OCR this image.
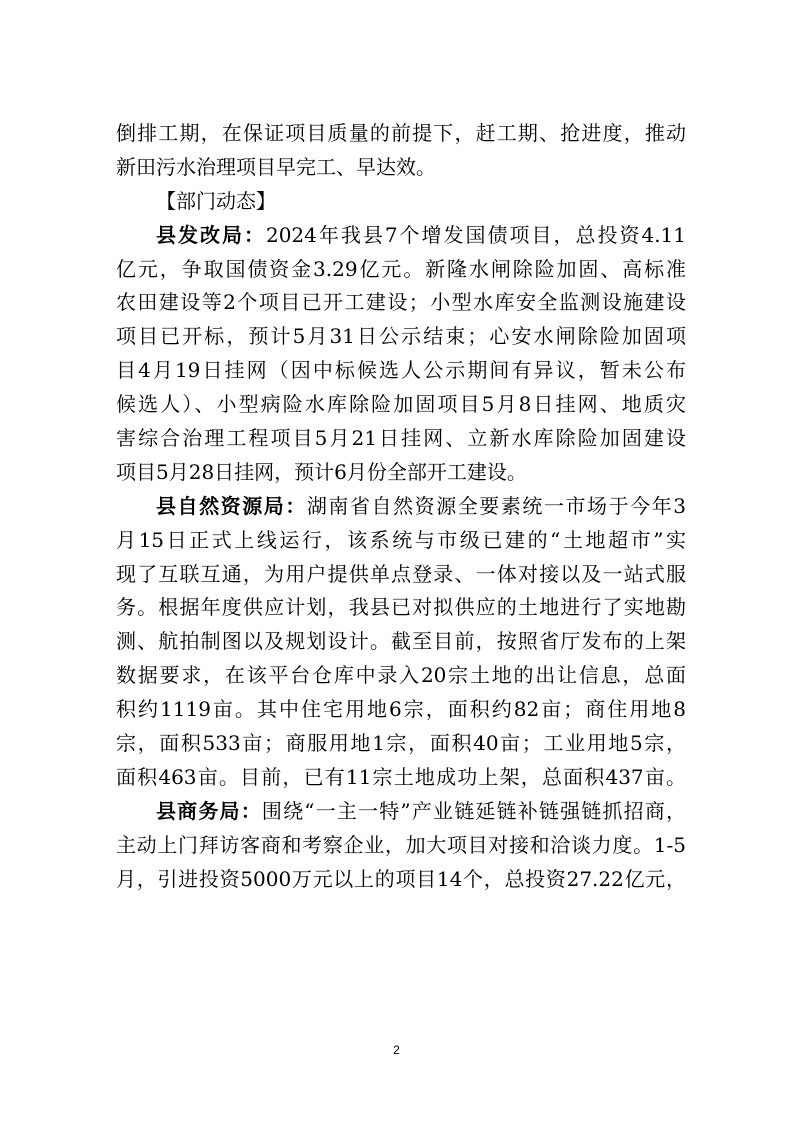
倒排工期，在保证项目质量的前提下，赶工期、抢进度，推动
新田污水治理项目早完工、早达效。
【部门动态】
县发改局：2024年我县7个增发国债项目，总投资4.11
亿元，争取国债资金3.29亿元。新隆水闸除险加固、高标准
农田建设等2个项目已开工建设；小型水库安全监测设施建设
项目已开标，预计5月31日公示结束；心安水闸除险加固项
目4月19日挂网（因中标候选人公示期间有异议，暂未公布
候选人）、小型病险水库除险加固项目5月8日挂网、地质灾
害综合治理工程项目5月21日挂网、立新水库除险加固建设
项目5月28日挂网，预计6月份全部开工建设。
县自然资源局：湖南省自然资源全要素统一市场于今年3
月15日正式上线运行，该系统与市级已建的“土地超市”实
现了互联互通，为用户提供单点登录、一体对接以及一站式服
务。根据年度供应计划，我县已对拟供应的土地进行了实地勘
测、航拍制图以及规划设计。截至目前，按照省厅发布的上架
数据要求，在该平台仓库中录入20宗土地的出让信息，总面
积约1119亩。其中住宅用地6宗，面积约82亩；商住用地8
宗，面积533亩；商服用地1宗，面积40亩；工业用地5宗，
面积463亩。目前，已有11宗土地成功上架，总面积437亩。
县商务局：围绕“一主一特”产业链延链补链强链抓招商，
主动上门拜访客商和考察企业，加大项目对接和洽谈力度。1-5
月，引进投资5000万元以上的项目14个，总投资27.22亿元，
2
